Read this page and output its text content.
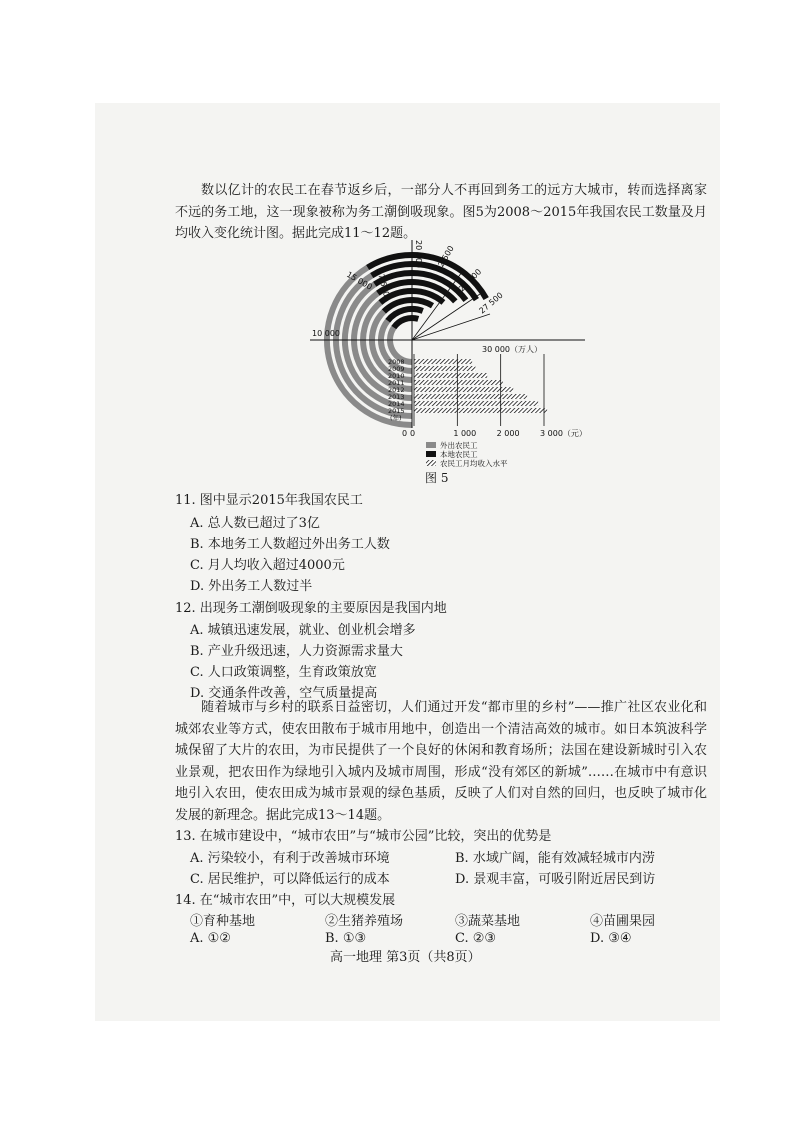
数以亿计的农民工在春节返乡后，一部分人不再回到务工的远方大城市，转而选择离家不远的务工地，这一现象被称为务工潮倒吸现象。图5为2008～2015年我国农民工数量及月均收入变化统计图。据此完成11～12题。

10 000
15 000 17 500
20 000 22 500
25 000
27 500
30 000（万人）
2008
2009
2010
2011
2012
2013
2014
2015
(年)
0	1 000	2 000	3 000（元）
0
外出农民工
本地农民工
农民工月均收入水平

图 5

11. 图中显示2015年我国农民工

A. 总人数已超过了3亿

B. 本地务工人数超过外出务工人数

C. 月人均收入超过4000元

D. 外出务工人数过半

12. 出现务工潮倒吸现象的主要原因是我国内地

A. 城镇迅速发展，就业、创业机会增多

B. 产业升级迅速，人力资源需求量大

C. 人口政策调整，生育政策放宽

D. 交通条件改善，空气质量提高

随着城市与乡村的联系日益密切，人们通过开发“都市里的乡村”——推广社区农业化和城郊农业等方式，使农田散布于城市用地中，创造出一个清洁高效的城市。如日本筑波科学城保留了大片的农田，为市民提供了一个良好的休闲和教育场所；法国在建设新城时引入农业景观，把农田作为绿地引入城内及城市周围，形成“没有郊区的新城”……在城市中有意识地引入农田，使农田成为城市景观的绿色基质，反映了人们对自然的回归，也反映了城市化发展的新理念。据此完成13～14题。

13. 在城市建设中，“城市农田”与“城市公园”比较，突出的优势是

A. 污染较小，有利于改善城市环境	B. 水域广阔，能有效减轻城市内涝

C. 居民维护，可以降低运行的成本	D. 景观丰富，可吸引附近居民到访

14. 在“城市农田”中，可以大规模发展

①育种基地	②生猪养殖场	③蔬菜基地	④苗圃果园

A. ①②	B. ①③	C. ②③	D. ③④

高一地理 第3页（共8页）
